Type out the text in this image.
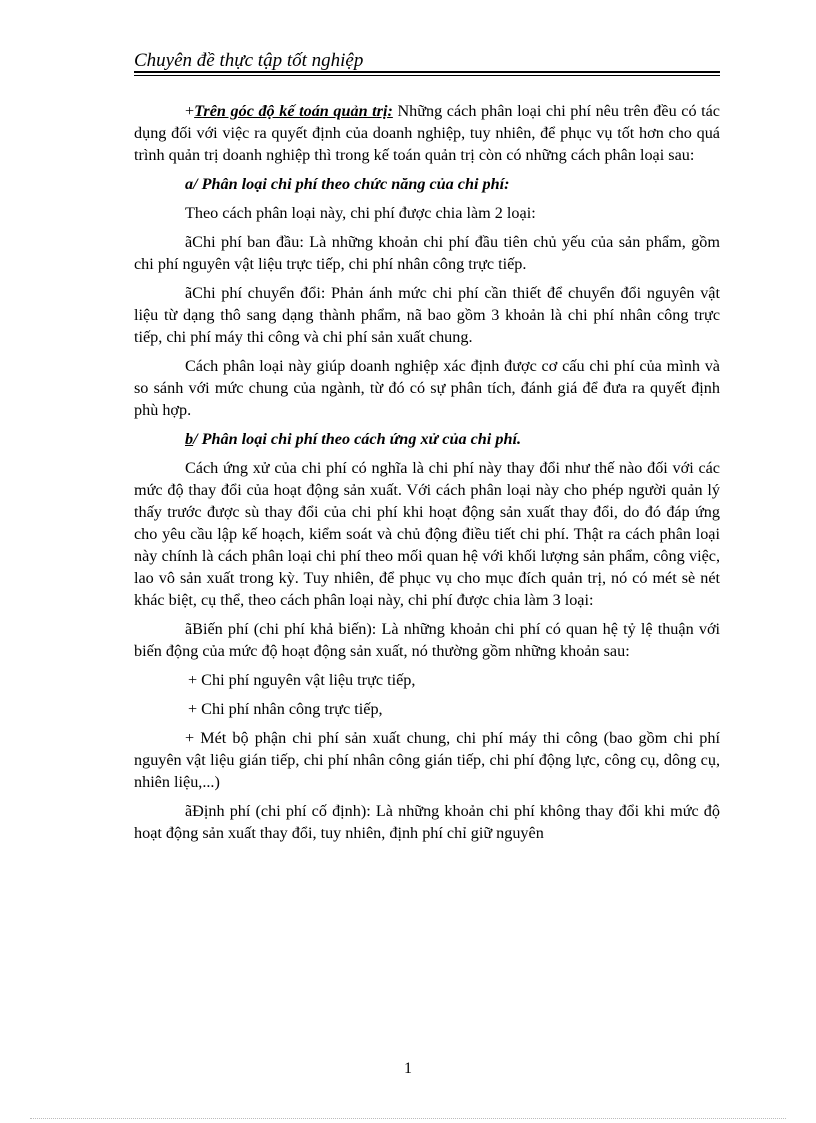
Chuyên đề thực tập tốt nghiệp

+Trên góc độ kế toán quản trị: Những cách phân loại chi phí nêu trên đều có tác dụng đối với việc ra quyết định của doanh nghiệp, tuy nhiên, để phục vụ tốt hơn cho quá trình quản trị doanh nghiệp thì trong kế toán quản trị còn có những cách phân loại sau:

a/ Phân loại chi phí theo chức năng của chi phí:

Theo cách phân loại này, chi phí được chia làm 2 loại:

ãChi phí ban đầu: Là những khoản chi phí đầu tiên chủ yếu của sản phẩm, gồm chi phí nguyên vật liệu trực tiếp, chi phí nhân công trực tiếp.

ãChi phí chuyển đổi: Phản ánh mức chi phí cần thiết để chuyển đổi nguyên vật liệu từ dạng thô sang dạng thành phẩm, nã bao gồm 3 khoản là chi phí nhân công trực tiếp, chi phí máy thi công và chi phí sản xuất chung.

Cách phân loại này giúp doanh nghiệp xác định được cơ cấu chi phí của mình và so sánh với mức chung của ngành, từ đó có sự phân tích, đánh giá để đưa ra quyết định phù hợp.

b/ Phân loại chi phí theo cách ứng xử của chi phí.

Cách ứng xử của chi phí có nghĩa là chi phí này thay đổi như thế nào đối với các mức độ thay đổi của hoạt động sản xuất. Với cách phân loại này cho phép người quản lý thấy trước được sù thay đổi của chi phí khi hoạt động sản xuất thay đổi, do đó đáp ứng cho yêu cầu lập kế hoạch, kiểm soát và chủ động điều tiết chi phí. Thật ra cách phân loại này chính là cách phân loại chi phí theo mối quan hệ với khối lượng sản phẩm, công việc, lao vô sản xuất trong kỳ. Tuy nhiên, để phục vụ cho mục đích quản trị, nó có mét sè nét khác biệt, cụ thể, theo cách phân loại này, chi phí được chia làm 3 loại:

ãBiến phí (chi phí khả biến): Là những khoản chi phí có quan hệ tỷ lệ thuận với biến động của mức độ hoạt động sản xuất, nó thường gồm những khoản sau:

+ Chi phí nguyên vật liệu trực tiếp,

+ Chi phí nhân công trực tiếp,

+ Mét bộ phận chi phí sản xuất chung, chi phí máy thi công (bao gồm chi phí nguyên vật liệu gián tiếp, chi phí nhân công gián tiếp, chi phí động lực, công cụ, dông cụ, nhiên liệu,...)

ãĐịnh phí (chi phí cố định): Là những khoản chi phí không thay đổi khi mức độ hoạt động sản xuất thay đổi, tuy nhiên, định phí chỉ giữ nguyên

1
